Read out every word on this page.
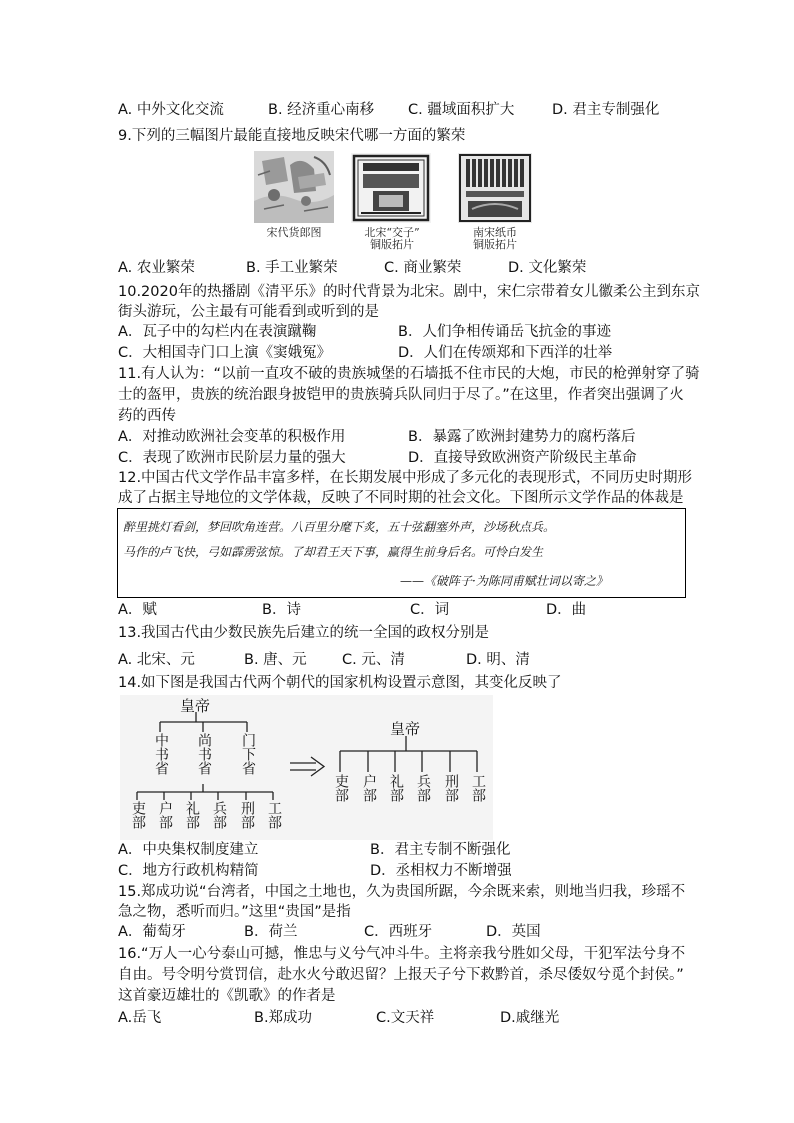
A. 中外文化交流	B. 经济重心南移 C. 疆域面积扩大	D. 君主专制强化
9.下列的三幅图片最能直接地反映宋代哪一方面的繁荣
宋代货郎图	北宋“交子”
铜版拓片
南宋纸币
铜版拓片
A. 农业繁荣	B. 手工业繁荣	C. 商业繁荣	D. 文化繁荣
10.2020年的热播剧《清平乐》的时代背景为北宋。剧中，宋仁宗带着女儿徽柔公主到东京
街头游玩，公主最有可能看到或听到的是
A．瓦子中的勾栏内在表演蹴鞠	B．人们争相传诵岳飞抗金的事迹
C．大相国寺门口上演《窦娥冤》	D．人们在传颂郑和下西洋的壮举
11.有人认为：“以前一直攻不破的贵族城堡的石墙抵不住市民的大炮，市民的枪弹射穿了骑
士的盔甲，贵族的统治跟身披铠甲的贵族骑兵队同归于尽了。”在这里，作者突出强调了火
药的西传
A．对推动欧洲社会变革的积极作用	B．暴露了欧洲封建势力的腐朽落后
C．表现了欧洲市民阶层力量的强大	D．直接导致欧洲资产阶级民主革命
12.中国古代文学作品丰富多样，在长期发展中形成了多元化的表现形式，不同历史时期形
成了占据主导地位的文学体裁，反映了不同时期的社会文化。下图所示文学作品的体裁是
醉里挑灯看剑，梦回吹角连营。八百里分麾下炙，五十弦翻塞外声，沙场秋点兵。
马作的卢飞快，弓如霹雳弦惊。了却君王天下事，赢得生前身后名。可怜白发生
——《破阵子·为陈同甫赋壮词以寄之》
A．赋	B．诗	C．词	D．曲
13.我国古代由少数民族先后建立的统一全国的政权分别是
A. 北宋、元	B. 唐、元 C. 元、清	D. 明、清
14.如下图是我国古代两个朝代的国家机构设置示意图，其变化反映了
皇帝
中书省 尚书省 门下省
吏部 户部 礼部 兵部 刑部 工部
皇帝
吏部 户部 礼部 兵部 刑部 工部
A．中央集权制度建立	B．君主专制不断强化
C．地方行政机构精简	D．丞相权力不断增强
15.郑成功说“台湾者，中国之土地也，久为贵国所踞，今余既来索，则地当归我，珍瑶不
急之物，悉听而归。”这里“贵国”是指
A．葡萄牙	B．荷兰	C．西班牙	D．英国
16.“万人一心兮泰山可撼，惟忠与义兮气冲斗牛。主将亲我兮胜如父母，干犯军法兮身不
自由。号令明兮赏罚信，赴水火兮敢迟留？上报天子兮下救黔首，杀尽倭奴兮觅个封侯。”
这首豪迈雄壮的《凯歌》的作者是
A.岳飞	B.郑成功	C.文天祥	D.戚继光
